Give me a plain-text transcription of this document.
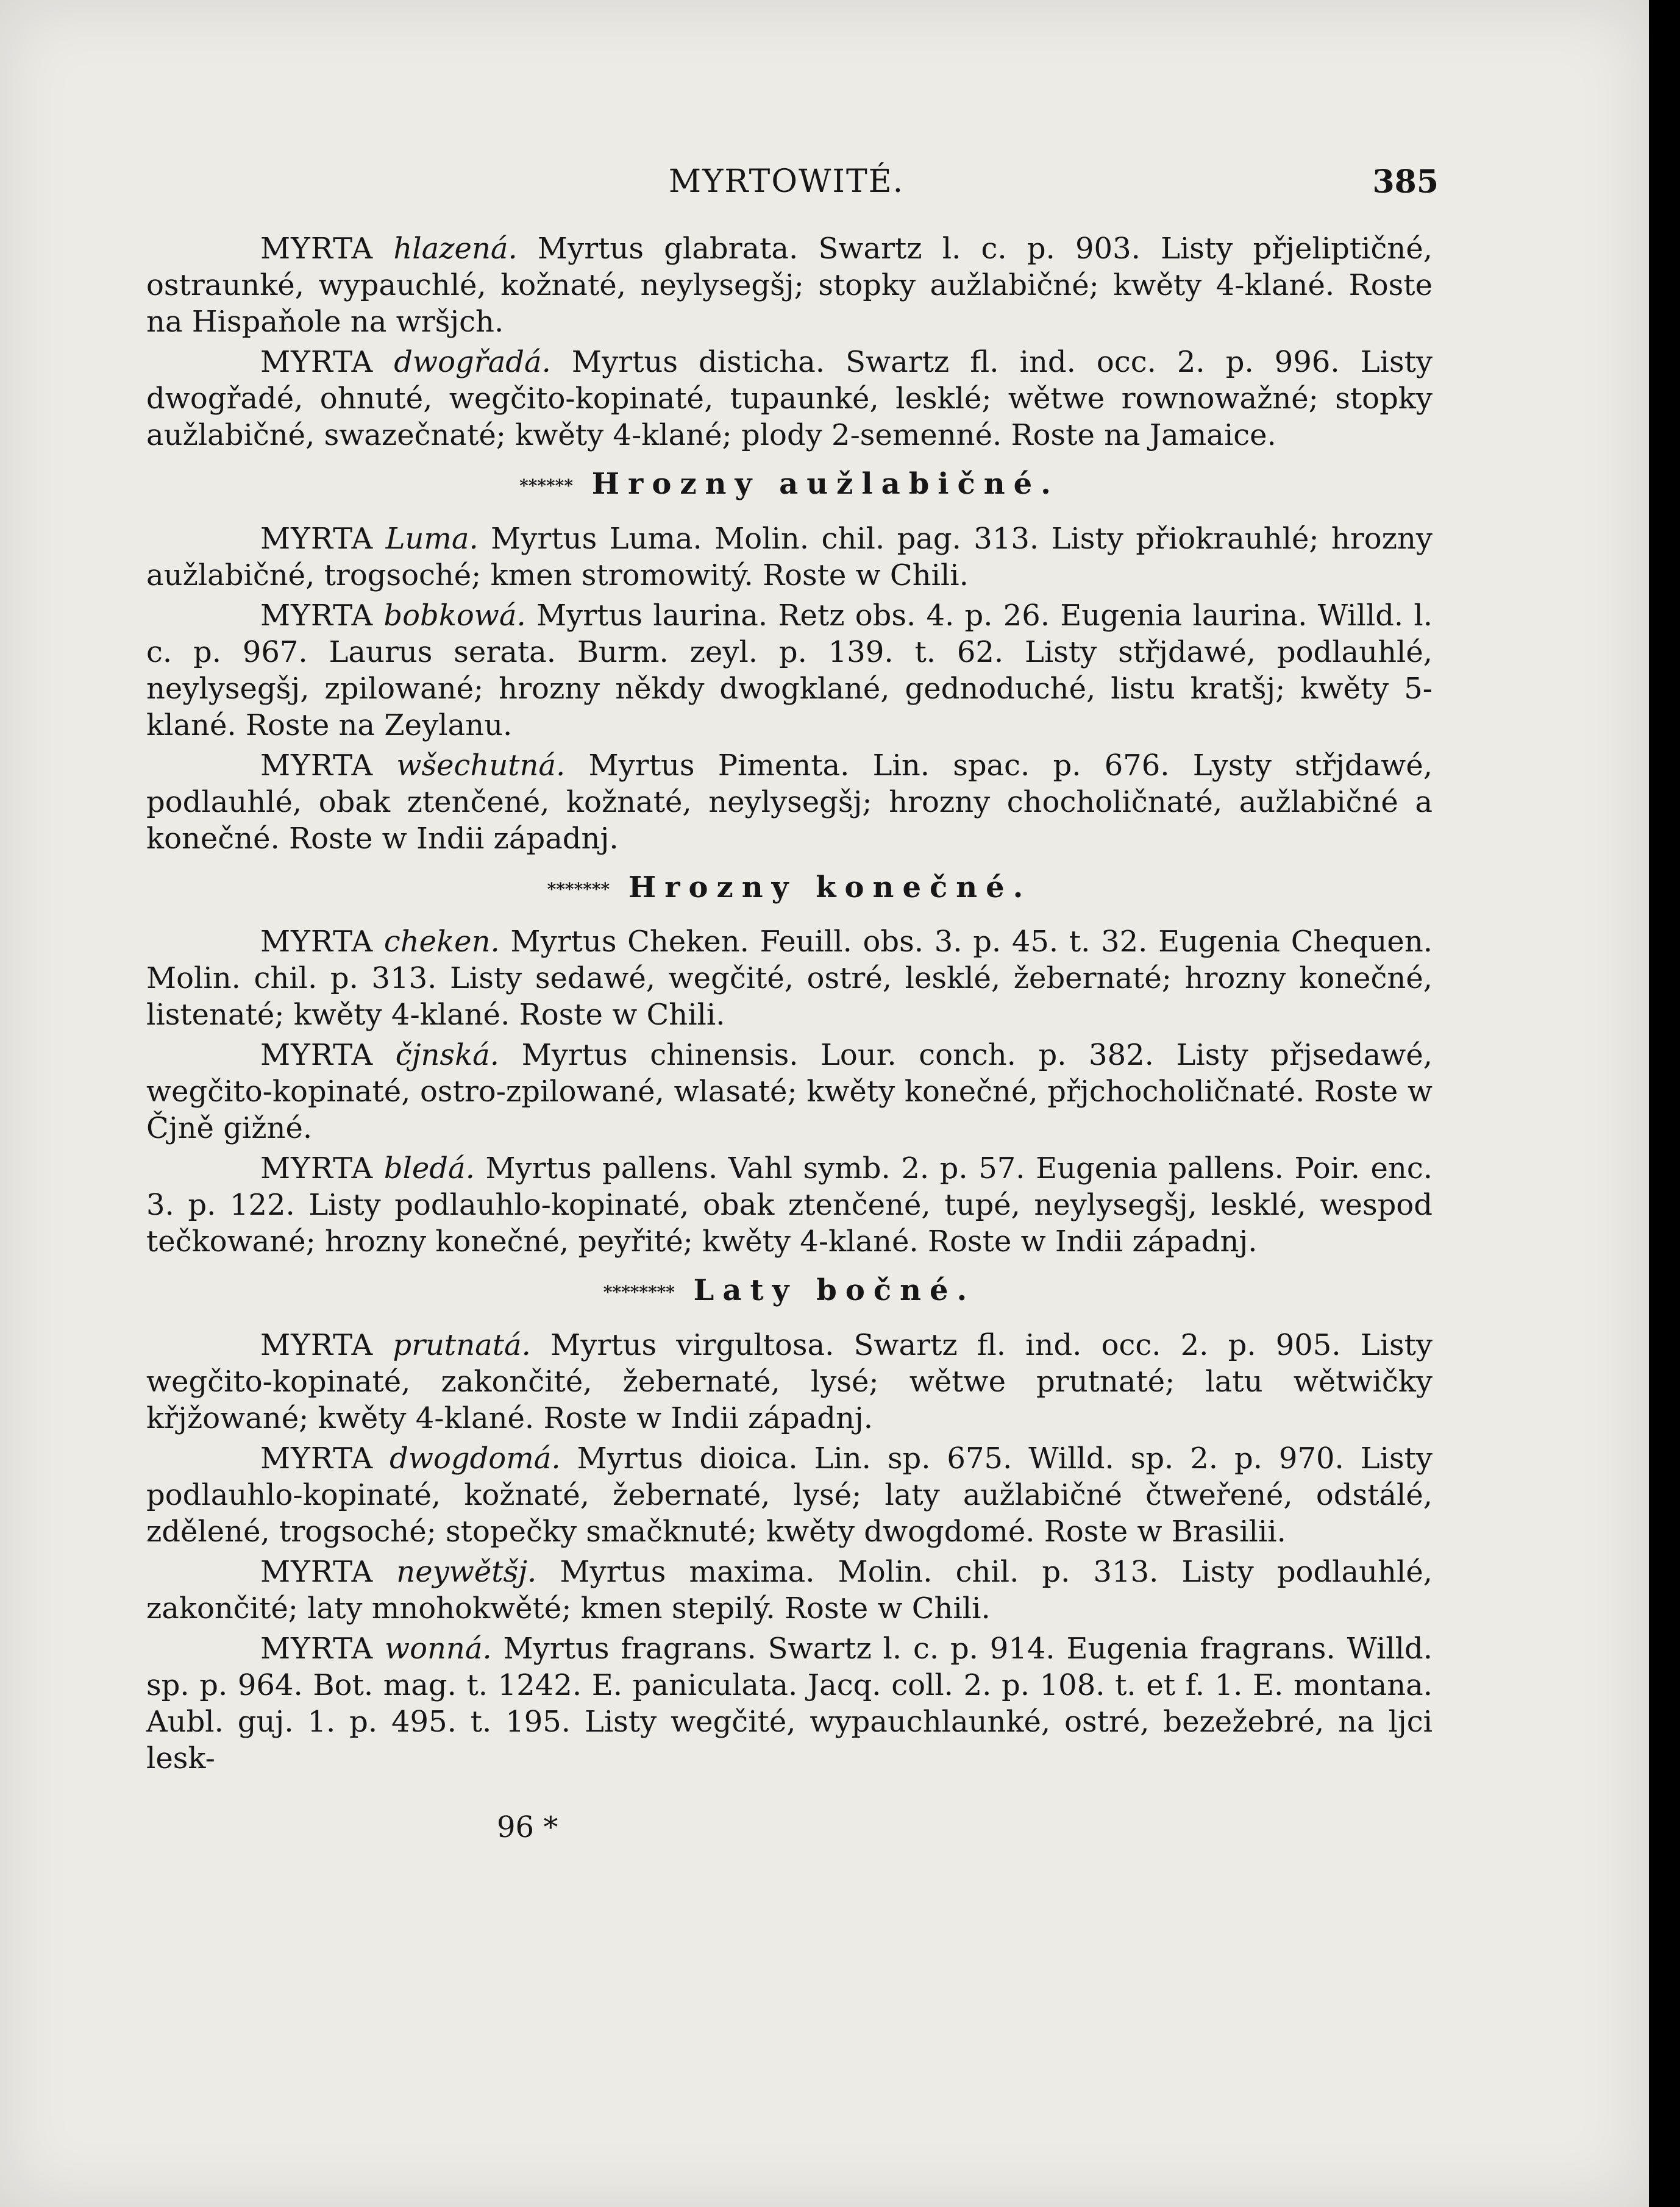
MYRTOWITÉ.	385

MYRTA hlazená. Myrtus glabrata. Swartz l. c. p. 903. Listy přjeliptičné, ostraunké, wypauchlé, kožnaté, neylysegšj; stopky aužlabičné; kwěty 4-klané. Roste na Hispaňole na wršjch.

MYRTA dwogřadá. Myrtus disticha. Swartz fl. ind. occ. 2. p. 996. Listy dwogřadé, ohnuté, wegčito-kopinaté, tupaunké, lesklé; wětwe rownowažné; stopky aužlabičné, swazečnaté; kwěty 4-klané; plody 2-semenné. Roste na Jamaice.

****** Hrozny aužlabičné.

MYRTA Luma. Myrtus Luma. Molin. chil. pag. 313. Listy přiokrauhlé; hrozny aužlabičné, trogsoché; kmen stromowitý. Roste w Chili.

MYRTA bobkowá. Myrtus laurina. Retz obs. 4. p. 26. Eugenia laurina. Willd. l. c. p. 967. Laurus serata. Burm. zeyl. p. 139. t. 62. Listy střjdawé, podlauhlé, neylysegšj, zpilowané; hrozny někdy dwogklané, gednoduché, listu kratšj; kwěty 5-klané. Roste na Zeylanu.

MYRTA wšechutná. Myrtus Pimenta. Lin. spac. p. 676. Lysty střjdawé, podlauhlé, obak ztenčené, kožnaté, neylysegšj; hrozny chocholičnaté, aužlabičné a konečné. Roste w Indii západnj.

******* Hrozny konečné.

MYRTA cheken. Myrtus Cheken. Feuill. obs. 3. p. 45. t. 32. Eugenia Chequen. Molin. chil. p. 313. Listy sedawé, wegčité, ostré, lesklé, žebernaté; hrozny konečné, listenaté; kwěty 4-klané. Roste w Chili.

MYRTA čjnská. Myrtus chinensis. Lour. conch. p. 382. Listy přjsedawé, wegčito-kopinaté, ostro-zpilowané, wlasaté; kwěty konečné, přjchocholičnaté. Roste w Čjně gižné.

MYRTA bledá. Myrtus pallens. Vahl symb. 2. p. 57. Eugenia pallens. Poir. enc. 3. p. 122. Listy podlauhlo-kopinaté, obak ztenčené, tupé, neylysegšj, lesklé, wespod tečkowané; hrozny konečné, peyřité; kwěty 4-klané. Roste w Indii západnj.

******** Laty bočné.

MYRTA prutnatá. Myrtus virgultosa. Swartz fl. ind. occ. 2. p. 905. Listy wegčito-kopinaté, zakončité, žebernaté, lysé; wětwe prutnaté; latu wětwičky křjžowané; kwěty 4-klané. Roste w Indii západnj.

MYRTA dwogdomá. Myrtus dioica. Lin. sp. 675. Willd. sp. 2. p. 970. Listy podlauhlo-kopinaté, kožnaté, žebernaté, lysé; laty aužlabičné čtweřené, odstálé, zdělené, trogsoché; stopečky smačknuté; kwěty dwogdomé. Roste w Brasilii.

MYRTA neywětšj. Myrtus maxima. Molin. chil. p. 313. Listy podlauhlé, zakončité; laty mnohokwěté; kmen stepilý. Roste w Chili.

MYRTA wonná. Myrtus fragrans. Swartz l. c. p. 914. Eugenia fragrans. Willd. sp. p. 964. Bot. mag. t. 1242. E. paniculata. Jacq. coll. 2. p. 108. t. et f. 1. E. montana. Aubl. guj. 1. p. 495. t. 195. Listy wegčité, wypauchlaunké, ostré, bezežebré, na ljci lesk-

96 *
